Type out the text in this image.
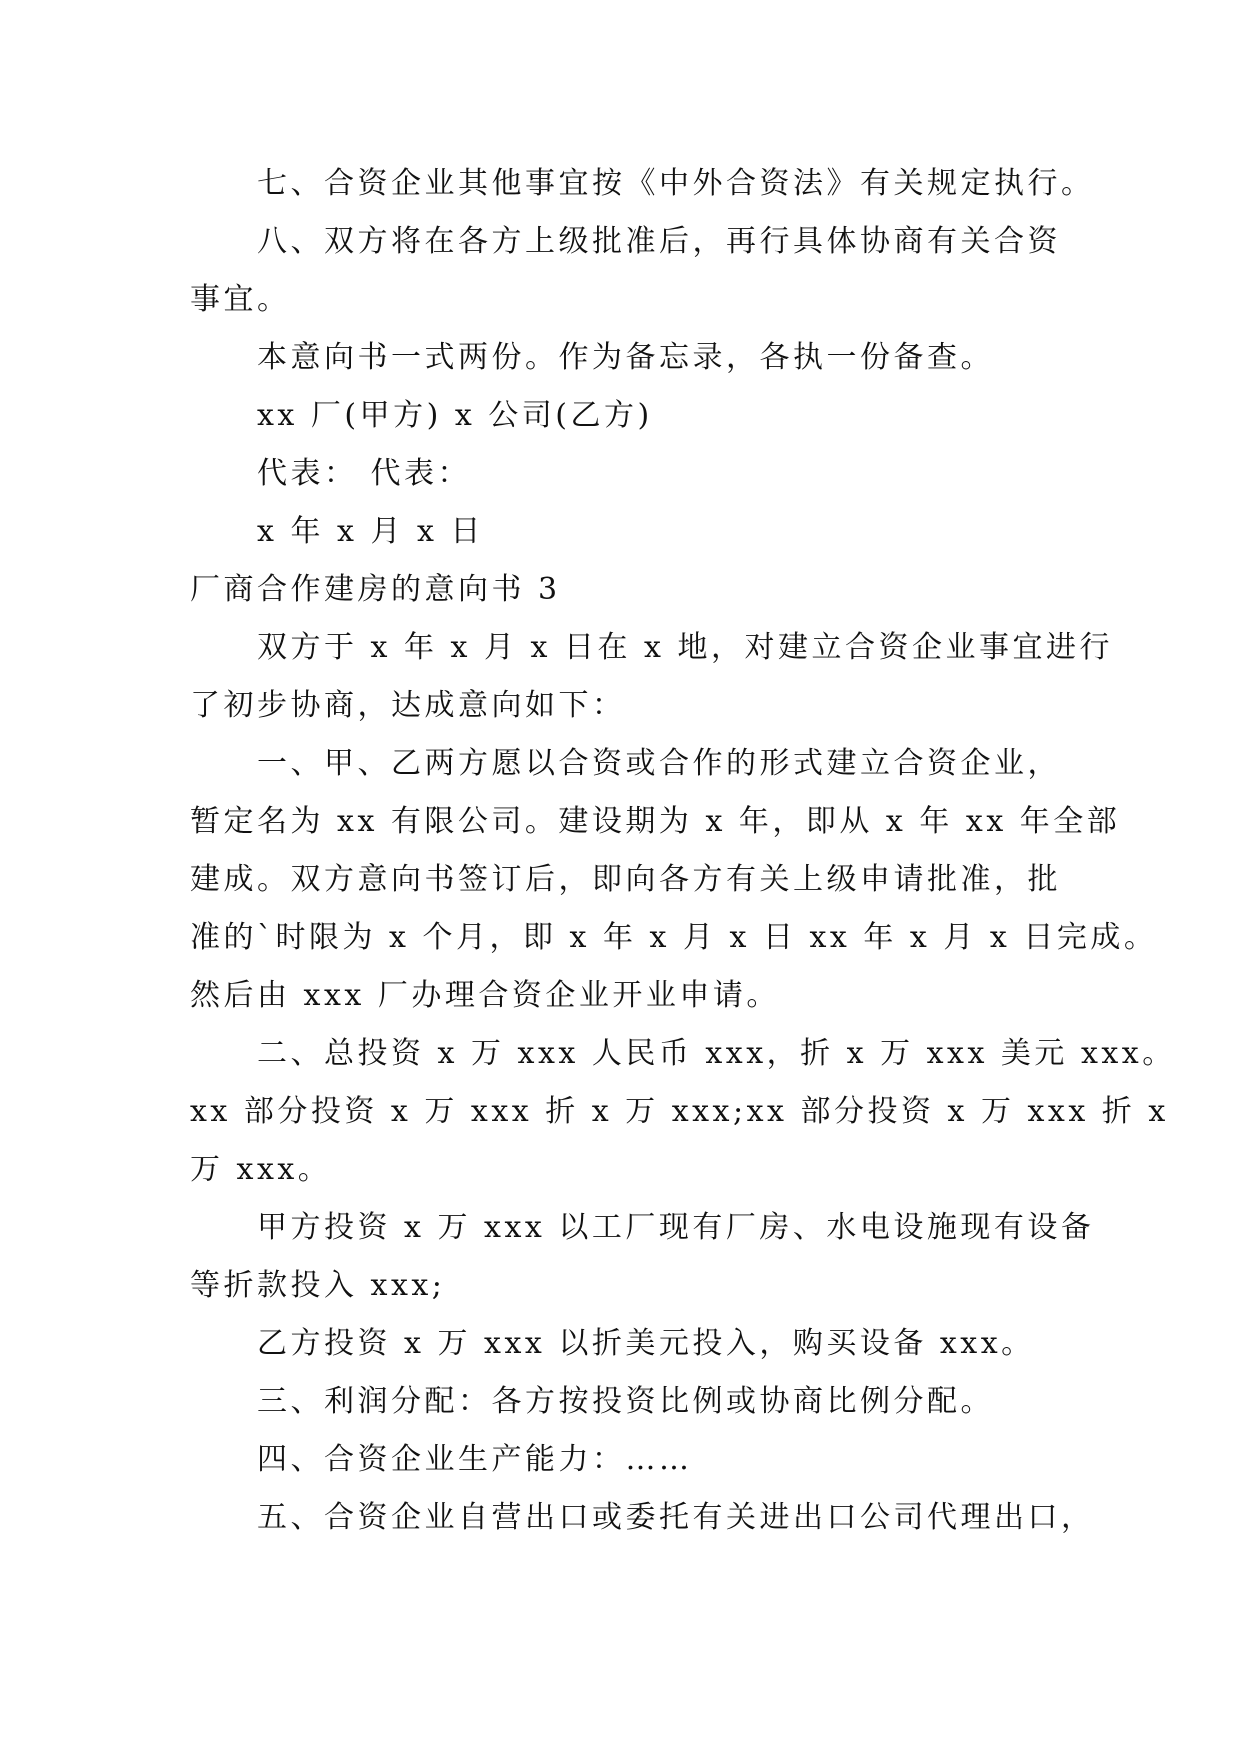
七、合资企业其他事宜按《中外合资法》有关规定执行。
八、双方将在各方上级批准后，再行具体协商有关合资
事宜。
本意向书一式两份。作为备忘录，各执一份备查。
xx 厂(甲方) x 公司(乙方)
代表： 代表：
x 年 x 月 x 日
厂商合作建房的意向书 3
双方于 x 年 x 月 x 日在 x 地，对建立合资企业事宜进行
了初步协商，达成意向如下：
一、甲、乙两方愿以合资或合作的形式建立合资企业，
暂定名为 xx 有限公司。建设期为 x 年，即从 x 年 xx 年全部
建成。双方意向书签订后，即向各方有关上级申请批准，批
准的`时限为 x 个月，即 x 年 x 月 x 日 xx 年 x 月 x 日完成。
然后由 xxx 厂办理合资企业开业申请。
二、总投资 x 万 xxx 人民币 xxx，折 x 万 xxx 美元 xxx。
xx 部分投资 x 万 xxx 折 x 万 xxx;xx 部分投资 x 万 xxx 折 x
万 xxx。
甲方投资 x 万 xxx 以工厂现有厂房、水电设施现有设备
等折款投入 xxx;
乙方投资 x 万 xxx 以折美元投入，购买设备 xxx。
三、利润分配：各方按投资比例或协商比例分配。
四、合资企业生产能力：……
五、合资企业自营出口或委托有关进出口公司代理出口，
